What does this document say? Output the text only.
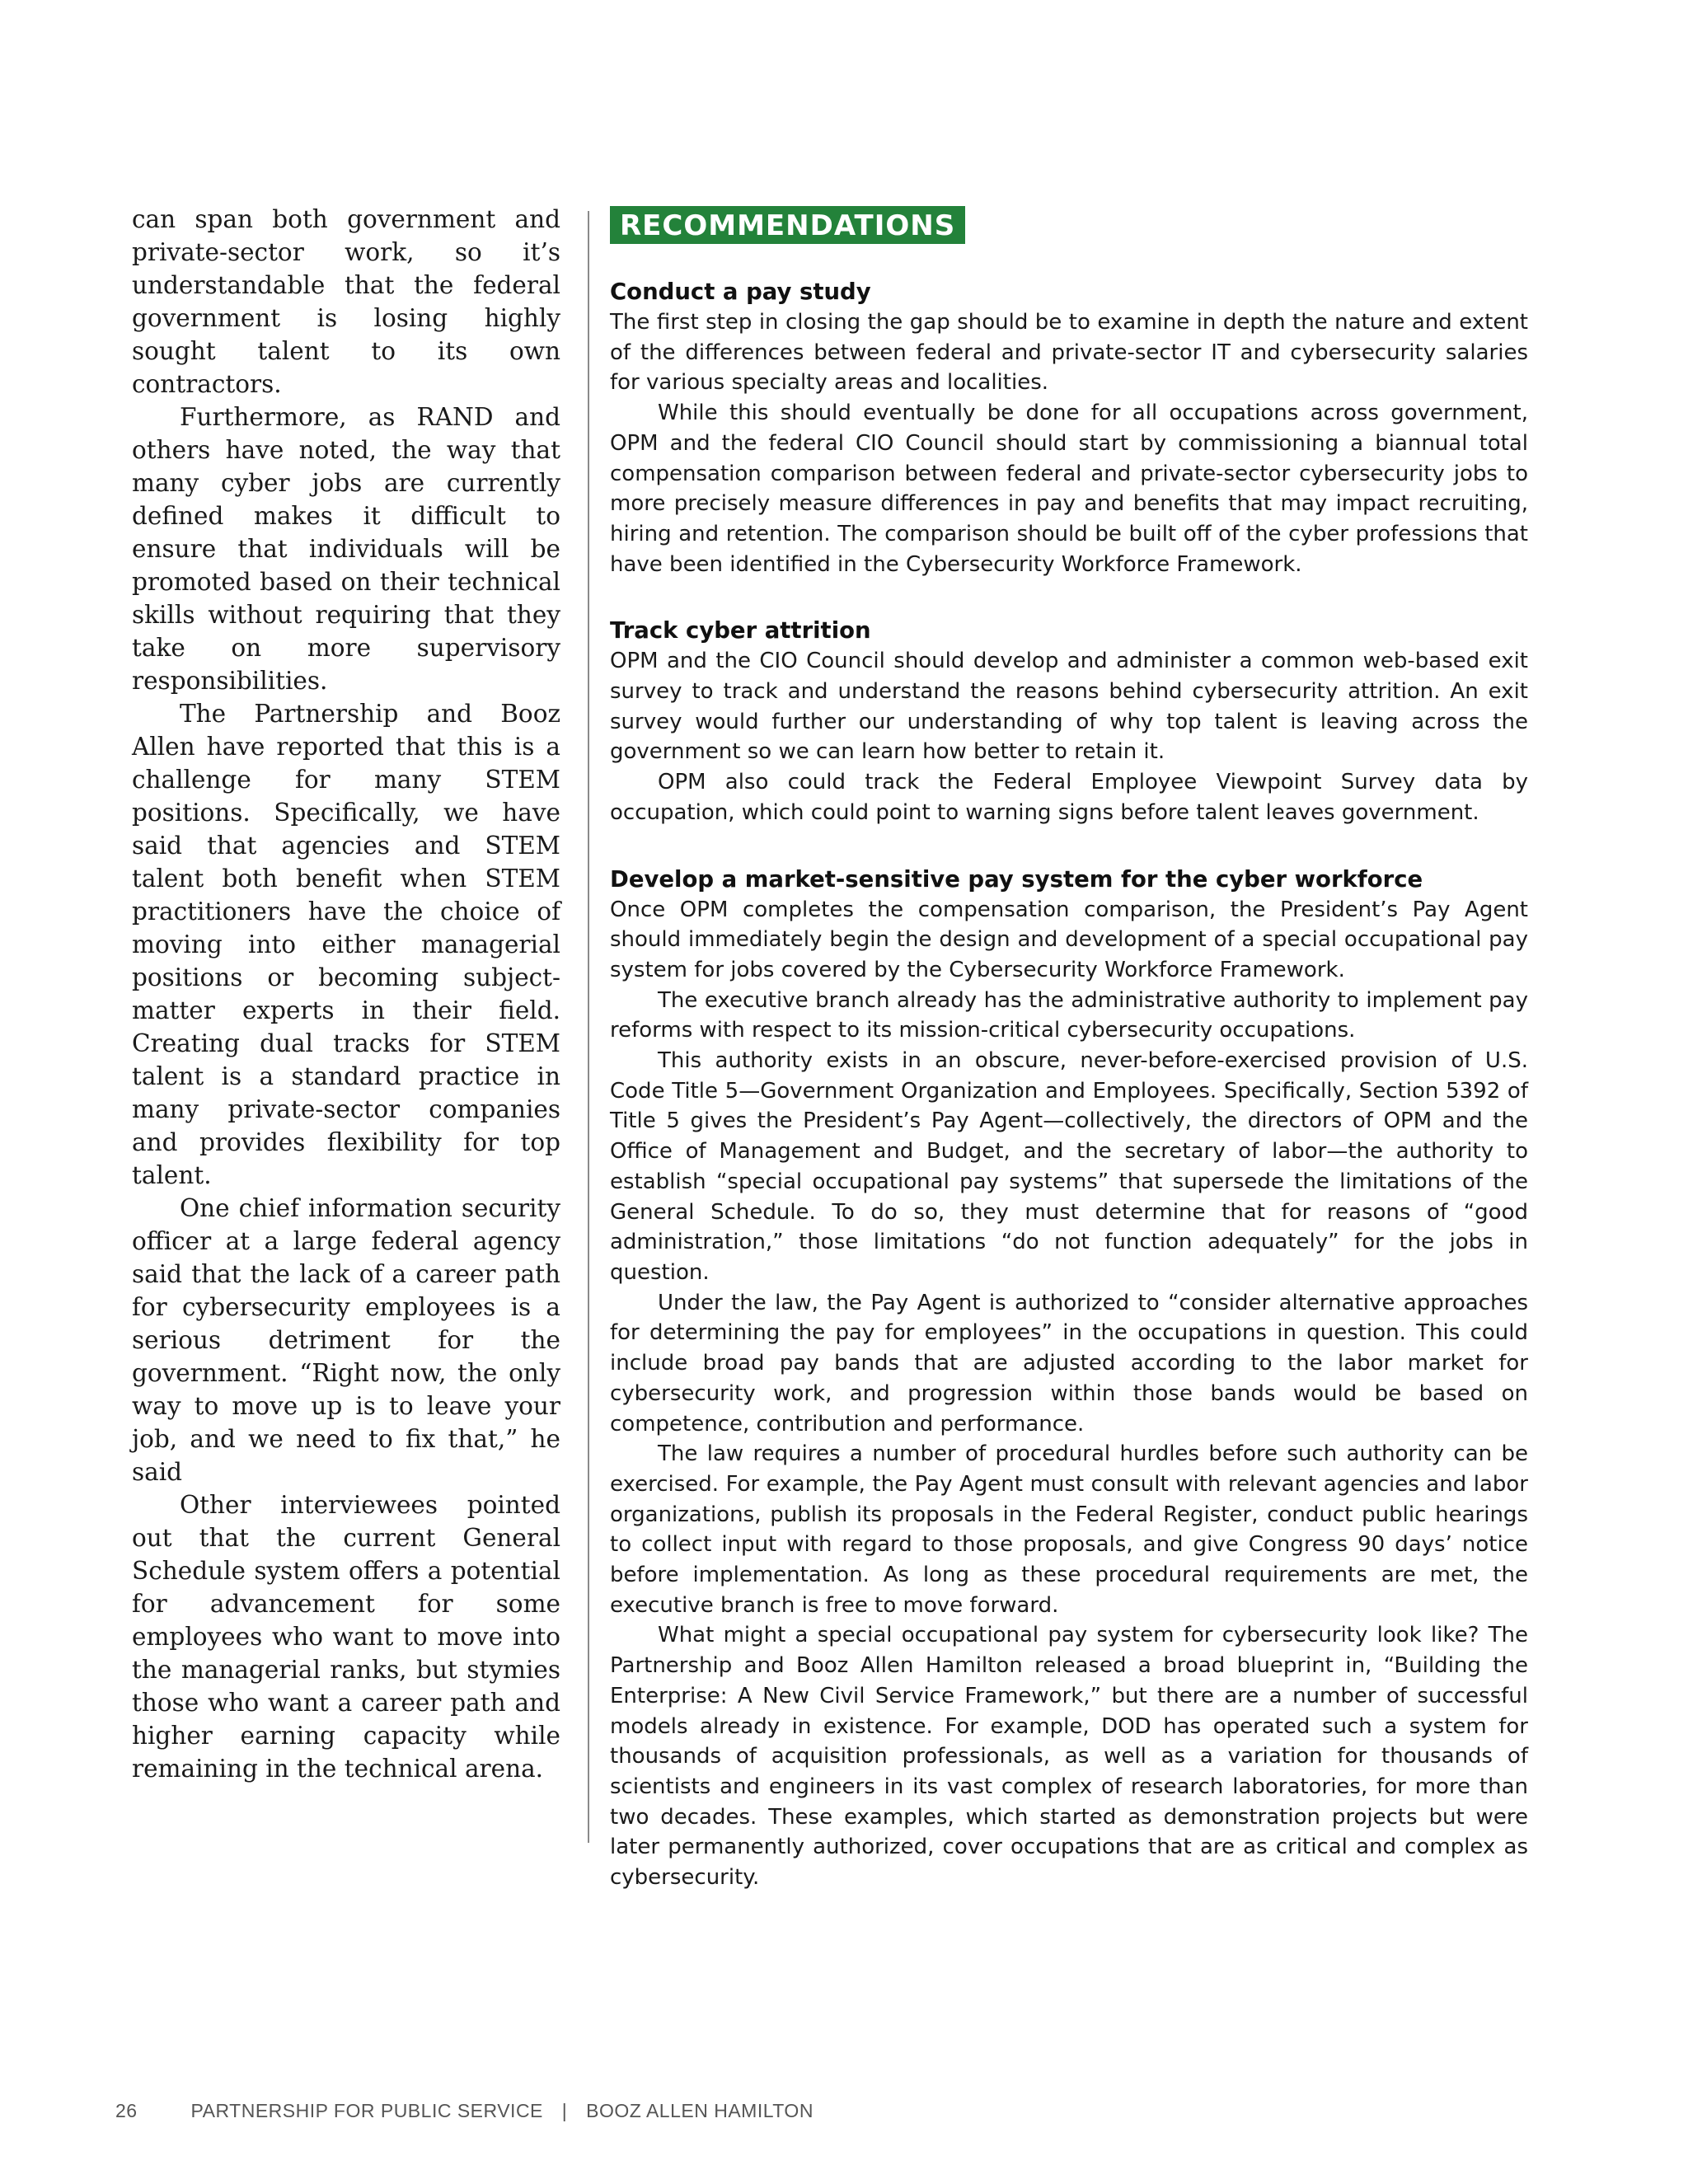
can span both government and private-sector work, so it’s understandable that the federal government is losing highly sought talent to its own contractors.

Furthermore, as RAND and others have noted, the way that many cyber jobs are currently defined makes it difficult to ensure that individuals will be promoted based on their technical skills without requiring that they take on more supervisory responsibilities.

The Partnership and Booz Allen have reported that this is a challenge for many STEM positions. Specifically, we have said that agencies and STEM talent both benefit when STEM practitioners have the choice of moving into either managerial positions or becoming subject-matter experts in their field. Creating dual tracks for STEM talent is a standard practice in many private-sector companies and provides flexibility for top talent.

One chief information security officer at a large federal agency said that the lack of a career path for cybersecurity employees is a serious detriment for the government. “Right now, the only way to move up is to leave your job, and we need to fix that,” he said

Other interviewees pointed out that the current General Schedule system offers a potential for advancement for some employees who want to move into the managerial ranks, but stymies those who want a career path and higher earning capacity while remaining in the technical arena.

RECOMMENDATIONS
Conduct a pay study

The first step in closing the gap should be to examine in depth the nature and extent of the differences between federal and private-sector IT and cybersecurity salaries for various specialty areas and localities.

While this should eventually be done for all occupations across government, OPM and the federal CIO Council should start by commissioning a biannual total compensation comparison between federal and private-sector cybersecurity jobs to more precisely measure differences in pay and benefits that may impact recruiting, hiring and retention. The comparison should be built off of the cyber professions that have been identified in the Cybersecurity Workforce Framework.

Track cyber attrition

OPM and the CIO Council should develop and administer a common web-based exit survey to track and understand the reasons behind cybersecurity attrition. An exit survey would further our understanding of why top talent is leaving across the government so we can learn how better to retain it.

OPM also could track the Federal Employee Viewpoint Survey data by occupation, which could point to warning signs before talent leaves government.

Develop a market-sensitive pay system for the cyber workforce

Once OPM completes the compensation comparison, the President’s Pay Agent should immediately begin the design and development of a special occupational pay system for jobs covered by the Cybersecurity Workforce Framework.

The executive branch already has the administrative authority to implement pay reforms with respect to its mission-critical cybersecurity occupations.

This authority exists in an obscure, never-before-exercised provision of U.S. Code Title 5—Government Organization and Employees. Specifically, Section 5392 of Title 5 gives the President’s Pay Agent—collectively, the directors of OPM and the Office of Management and Budget, and the secretary of labor—the authority to establish “special occupational pay systems” that supersede the limitations of the General Schedule. To do so, they must determine that for reasons of “good administration,” those limitations “do not function adequately” for the jobs in question.

Under the law, the Pay Agent is authorized to “consider alternative approaches for determining the pay for employees” in the occupations in question. This could include broad pay bands that are adjusted according to the labor market for cybersecurity work, and progression within those bands would be based on competence, contribution and performance.

The law requires a number of procedural hurdles before such authority can be exercised. For example, the Pay Agent must consult with relevant agencies and labor organizations, publish its proposals in the Federal Register, conduct public hearings to collect input with regard to those proposals, and give Congress 90 days’ notice before implementation. As long as these procedural requirements are met, the executive branch is free to move forward.

What might a special occupational pay system for cybersecurity look like? The Partnership and Booz Allen Hamilton released a broad blueprint in, “Building the Enterprise: A New Civil Service Framework,” but there are a number of successful models already in existence. For example, DOD has operated such a system for thousands of acquisition professionals, as well as a variation for thousands of scientists and engineers in its vast complex of research laboratories, for more than two decades. These examples, which started as demonstration projects but were later permanently authorized, cover occupations that are as critical and complex as cybersecurity.

26	PARTNERSHIP FOR PUBLIC SERVICE | BOOZ ALLEN HAMILTON
